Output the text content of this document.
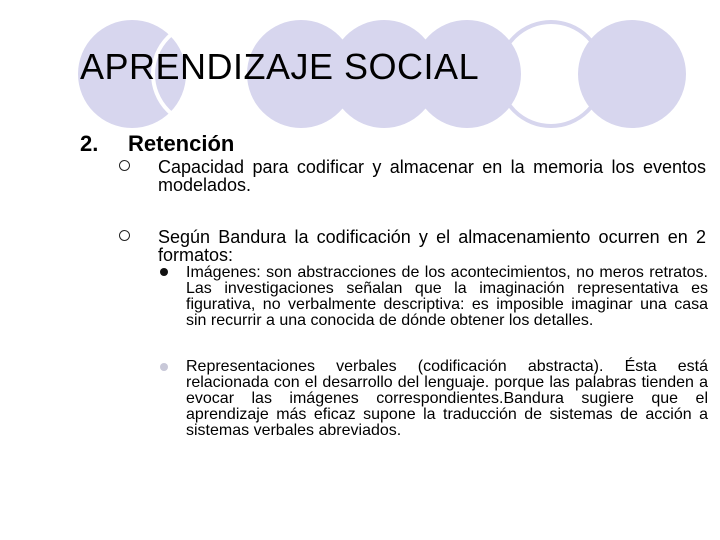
APRENDIZAJE SOCIAL
2. Retención
Capacidad para codificar y almacenar en la memoria los eventos modelados.
Según Bandura la codificación y el almacenamiento ocurren en 2 formatos:
Imágenes: son abstracciones de los acontecimientos, no meros retratos. Las investigaciones señalan que la imaginación representativa es figurativa, no verbalmente descriptiva: es imposible imaginar una casa sin recurrir a una conocida de dónde obtener los detalles.
Representaciones verbales (codificación abstracta). Ésta está relacionada con el desarrollo del lenguaje. porque las palabras tienden a evocar las imágenes correspondientes.Bandura sugiere que el aprendizaje más eficaz supone la traducción de sistemas de acción a sistemas verbales abreviados.
